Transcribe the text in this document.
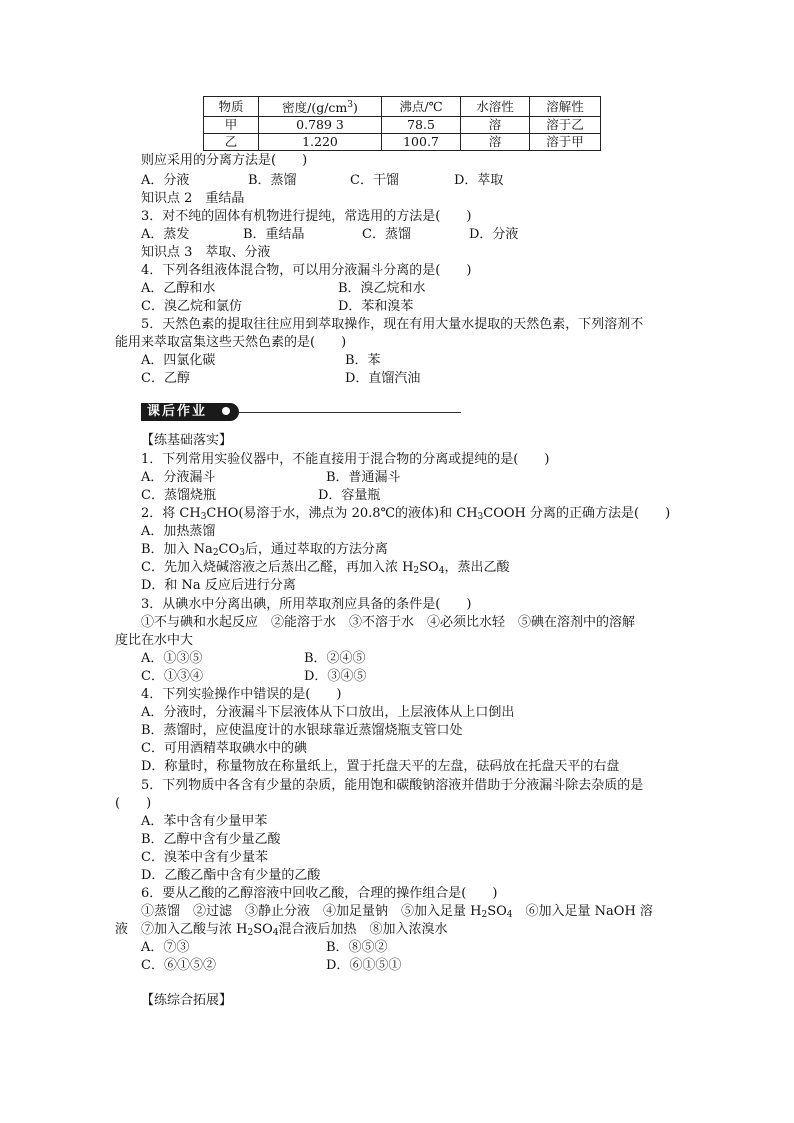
物质	密度$/(g/cm^3)$	沸点/℃	水溶性	溶解性
甲	0.789 3	78.5	溶	溶于乙
乙	1.220	100.7	溶	溶于甲
则应采用的分离方法是(　　)
A．分液	B．蒸馏	C．干馏	D．萃取
知识点 2　重结晶
3．对不纯的固体有机物进行提纯，常选用的方法是(　　)
A．蒸发	B．重结晶	C．蒸馏	D．分液
知识点 3　萃取、分液
4．下列各组液体混合物，可以用分液漏斗分离的是(　　)
A．乙醇和水	B．溴乙烷和水
C．溴乙烷和氯仿	D．苯和溴苯
5．天然色素的提取往往应用到萃取操作，现在有用大量水提取的天然色素，下列溶剂不
能用来萃取富集这些天然色素的是(　　)
A．四氯化碳	B．苯
C．乙醇	D．直馏汽油
课后作业
【练基础落实】
1．下列常用实验仪器中，不能直接用于混合物的分离或提纯的是(　　)
A．分液漏斗	B．普通漏斗
C．蒸馏烧瓶	D．容量瓶
2．将 $CH_3CHO$(易溶于水，沸点为 20.8℃的液体)和 $CH_3COOH$ 分离的正确方法是(　　)
A．加热蒸馏
B．加入 $Na_2CO_3$后，通过萃取的方法分离
C．先加入烧碱溶液之后蒸出乙醛，再加入浓 $H_2SO_4$，蒸出乙酸
D．和 Na 反应后进行分离
3．从碘水中分离出碘，所用萃取剂应具备的条件是(　　)
①不与碘和水起反应　②能溶于水　③不溶于水　④必须比水轻　⑤碘在溶剂中的溶解
度比在水中大
A．①③⑤	B．②④⑤
C．①③④	D．③④⑤
4．下列实验操作中错误的是(　　)
A．分液时，分液漏斗下层液体从下口放出，上层液体从上口倒出
B．蒸馏时，应使温度计的水银球靠近蒸馏烧瓶支管口处
C．可用酒精萃取碘水中的碘
D．称量时，称量物放在称量纸上，置于托盘天平的左盘，砝码放在托盘天平的右盘
5．下列物质中各含有少量的杂质，能用饱和碳酸钠溶液并借助于分液漏斗除去杂质的是
(　　)
A．苯中含有少量甲苯
B．乙醇中含有少量乙酸
C．溴苯中含有少量苯
D．乙酸乙酯中含有少量的乙酸
6．要从乙酸的乙醇溶液中回收乙酸，合理的操作组合是(　　)
①蒸馏　②过滤　③静止分液　④加足量钠　⑤加入足量 $H_2SO_4$　⑥加入足量 NaOH 溶
液　⑦加入乙酸与浓 $H_2SO_4$混合液后加热　⑧加入浓溴水
A．⑦③	B．⑧⑤②
C．⑥①⑤②	D．⑥①⑤①
【练综合拓展】
